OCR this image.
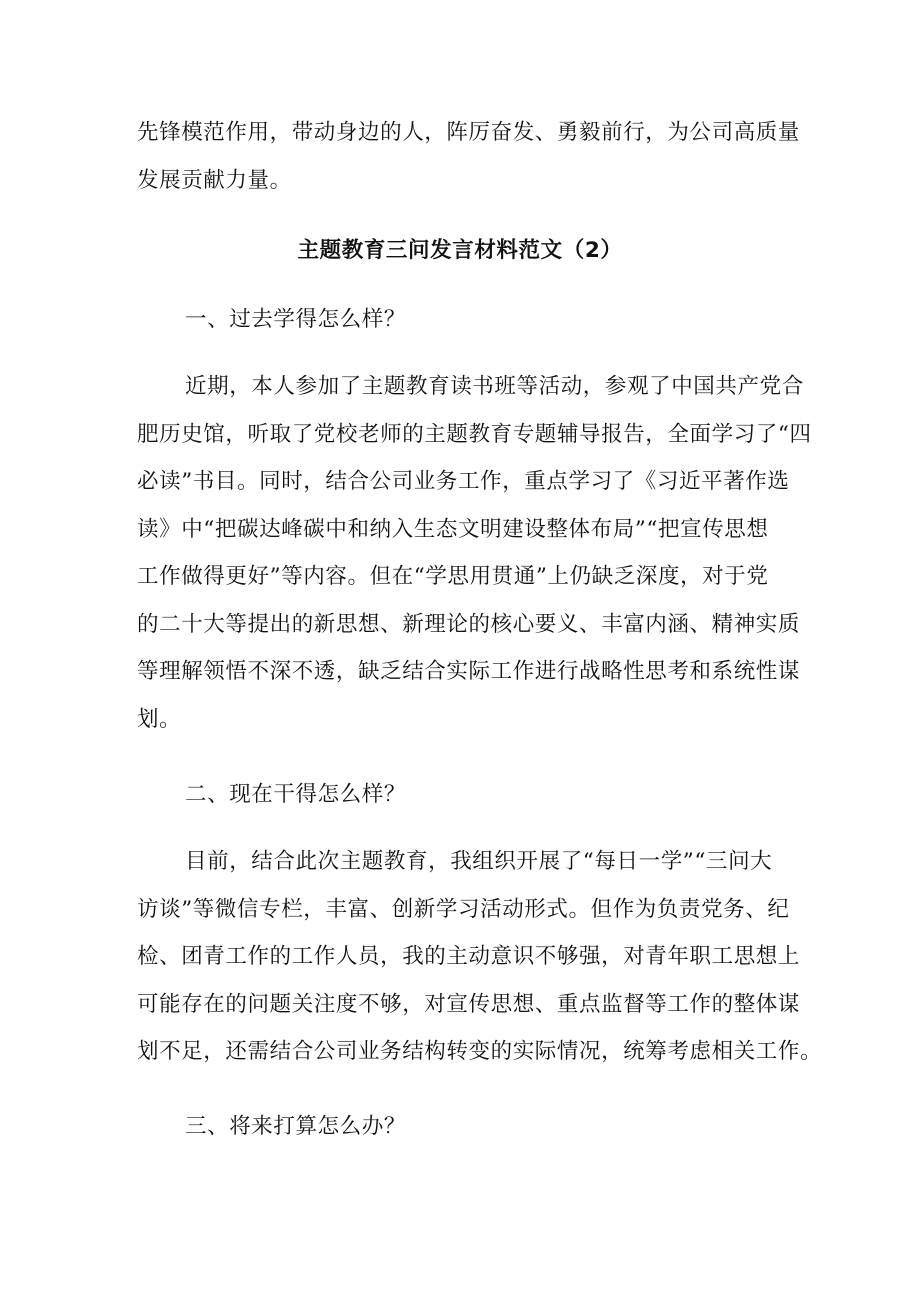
先锋模范作用，带动身边的人，阵厉奋发、勇毅前行，为公司高质量

发展贡献力量。

主题教育三问发言材料范文（2）

一、过去学得怎么样？

近期，本人参加了主题教育读书班等活动，参观了中国共产党合

肥历史馆，听取了党校老师的主题教育专题辅导报告，全面学习了“四

必读”书目。同时，结合公司业务工作，重点学习了《习近平著作选

读》中“把碳达峰碳中和纳入生态文明建设整体布局”“把宣传思想

工作做得更好”等内容。但在“学思用贯通”上仍缺乏深度，对于党

的二十大等提出的新思想、新理论的核心要义、丰富内涵、精神实质

等理解领悟不深不透，缺乏结合实际工作进行战略性思考和系统性谋

划。

二、现在干得怎么样？

目前，结合此次主题教育，我组织开展了“每日一学”“三问大

访谈”等微信专栏，丰富、创新学习活动形式。但作为负责党务、纪

检、团青工作的工作人员，我的主动意识不够强，对青年职工思想上

可能存在的问题关注度不够，对宣传思想、重点监督等工作的整体谋

划不足，还需结合公司业务结构转变的实际情况，统筹考虑相关工作。

三、将来打算怎么办？
